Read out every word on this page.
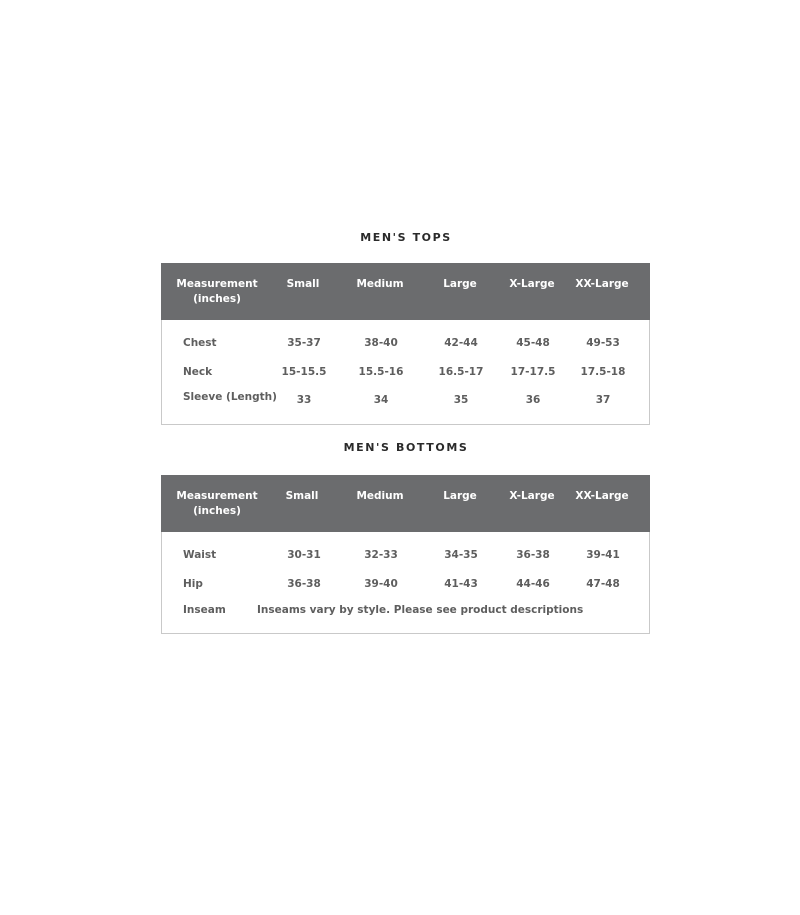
MEN'S TOPS
Measurement
(inches)
Small	Medium	Large	X-Large	XX-Large
Chest	35-37	38-40	42-44	45-48	49-53
Neck	15-15.5	15.5-16	16.5-17	17-17.5	17.5-18
Sleeve (Length)	33	34	35	36	37
MEN'S BOTTOMS
Measurement
(inches)
Small	Medium	Large	X-Large	XX-Large
Waist	30-31	32-33	34-35	36-38	39-41
Hip	36-38	39-40	41-43	44-46	47-48
Inseam	Inseams vary by style. Please see product descriptions
